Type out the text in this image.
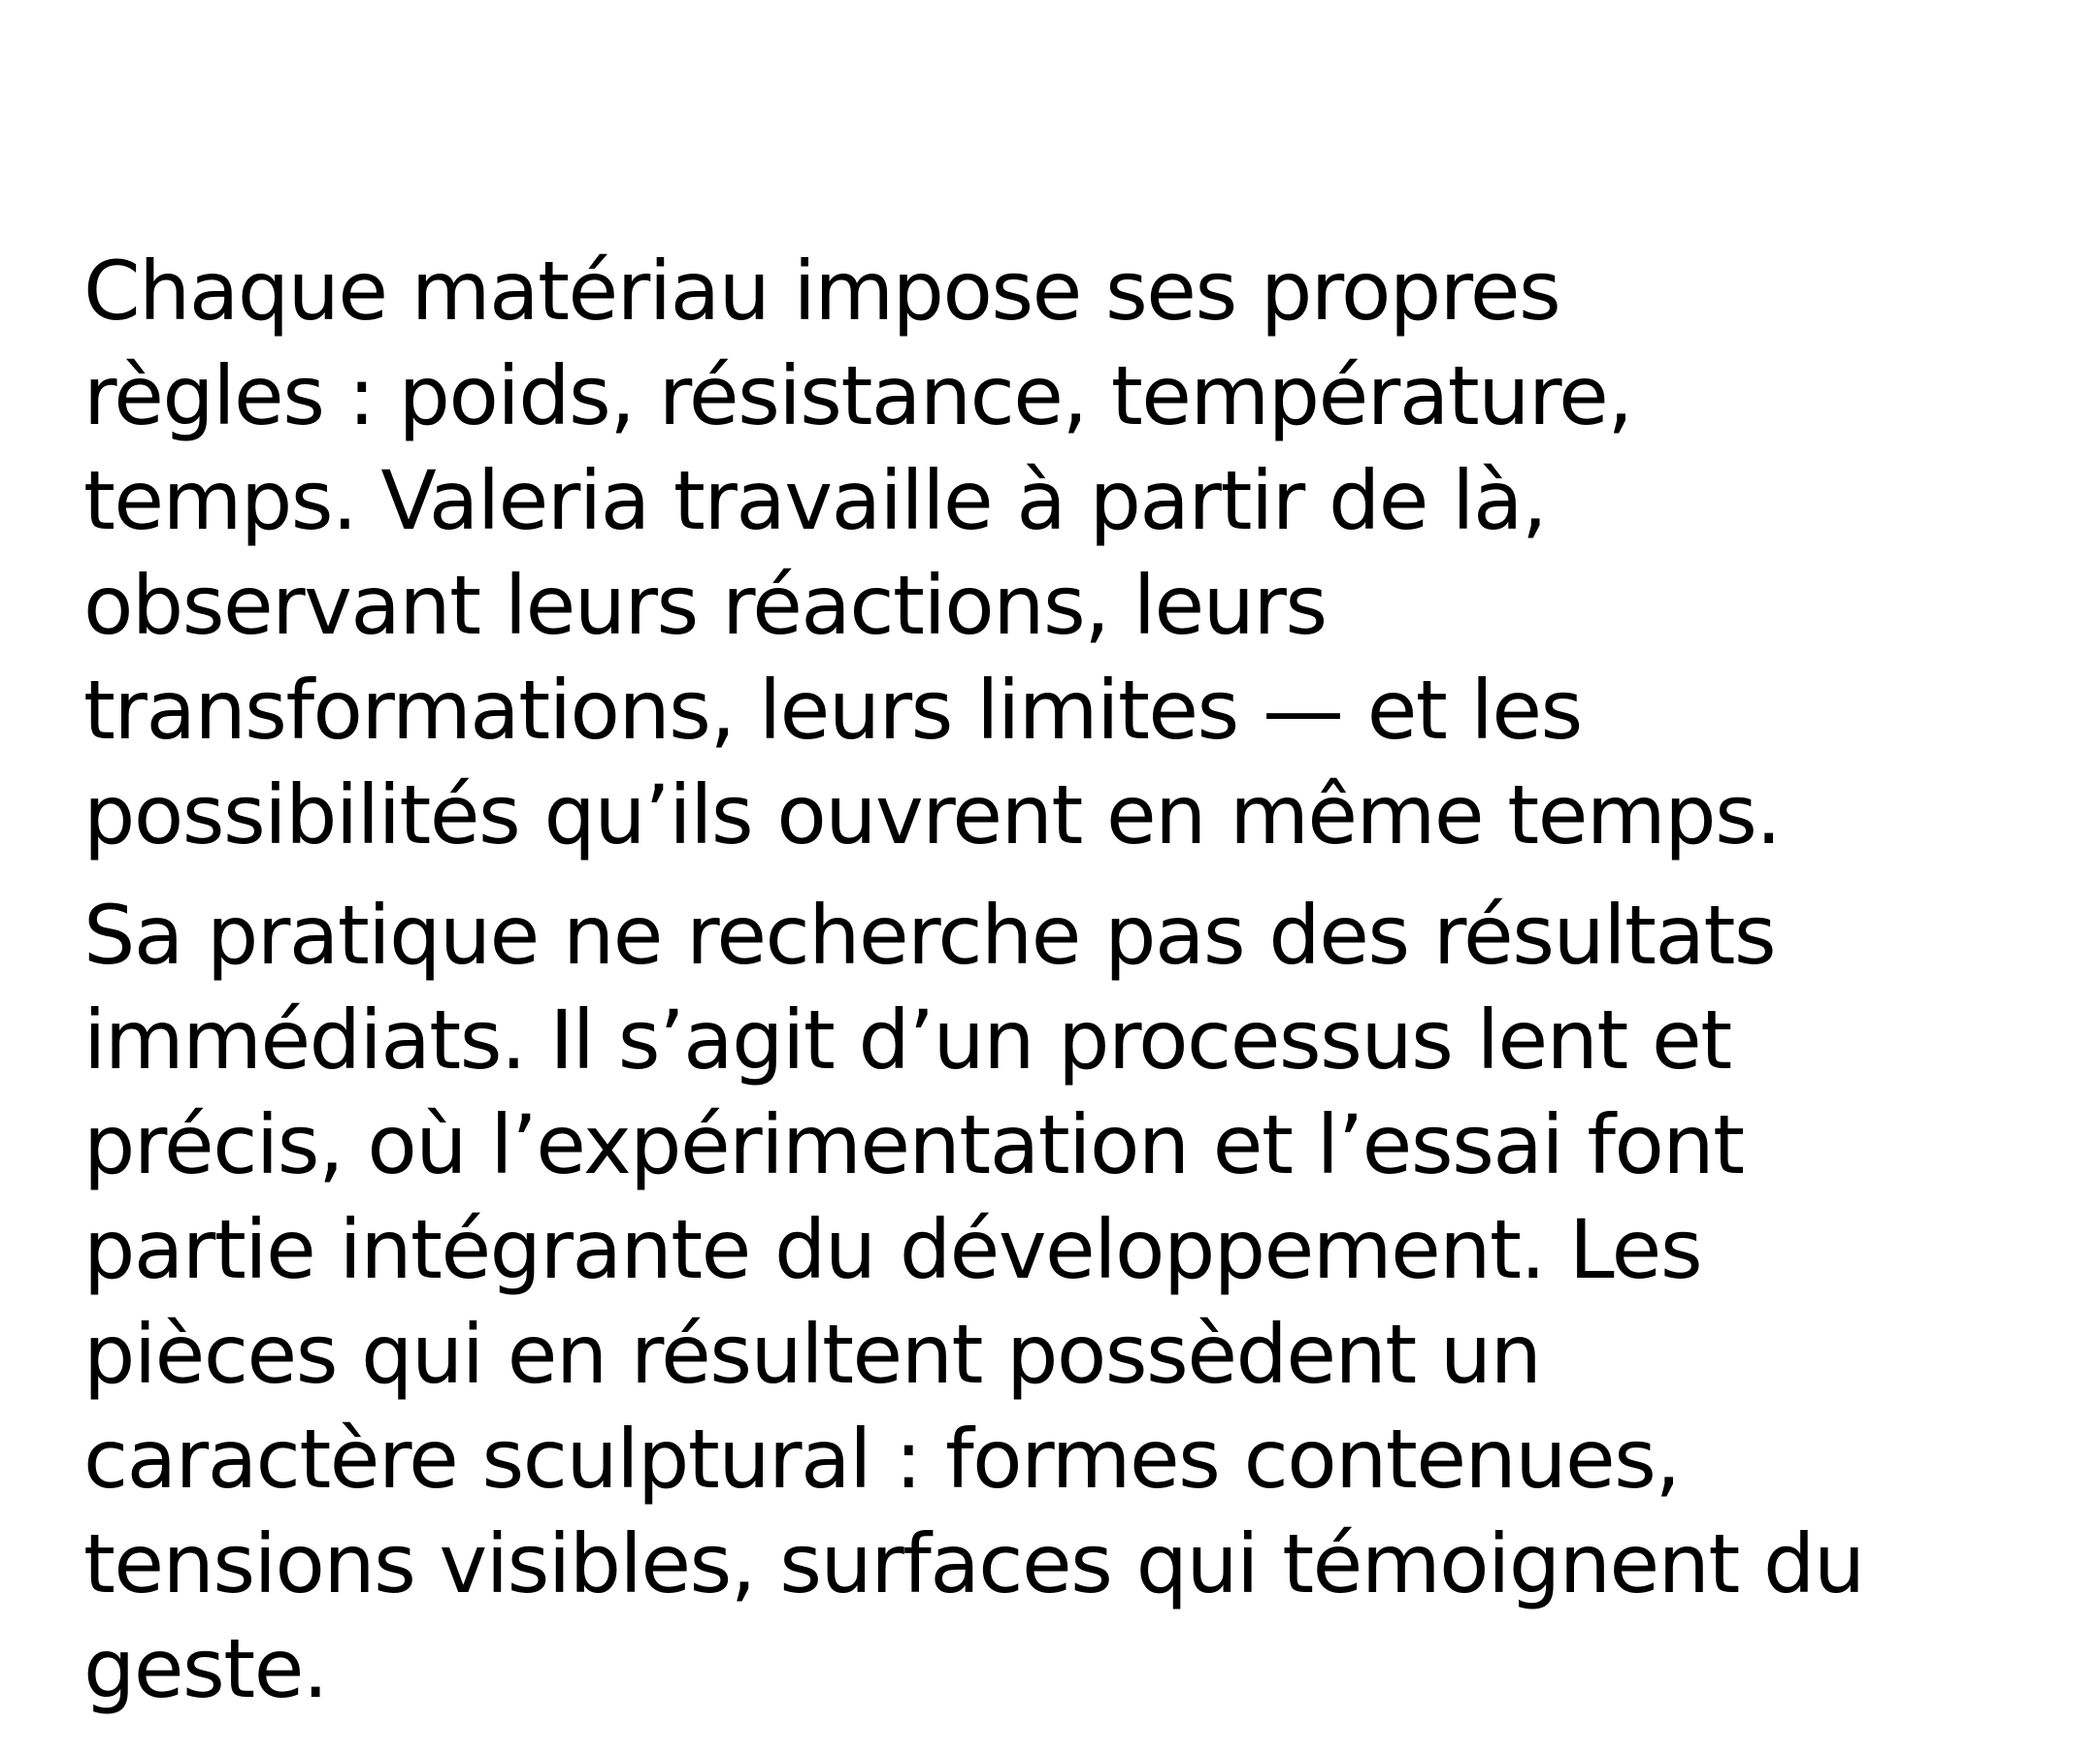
Chaque matériau impose ses propres
règles : poids, résistance, température,
temps. Valeria travaille à partir de là,
observant leurs réactions, leurs
transformations, leurs limites — et les
possibilités qu’ils ouvrent en même temps.

Sa pratique ne recherche pas des résultats
immédiats. Il s’agit d’un processus lent et
précis, où l’expérimentation et l’essai font
partie intégrante du développement. Les
pièces qui en résultent possèdent un
caractère sculptural : formes contenues,
tensions visibles, surfaces qui témoignent du
geste.
